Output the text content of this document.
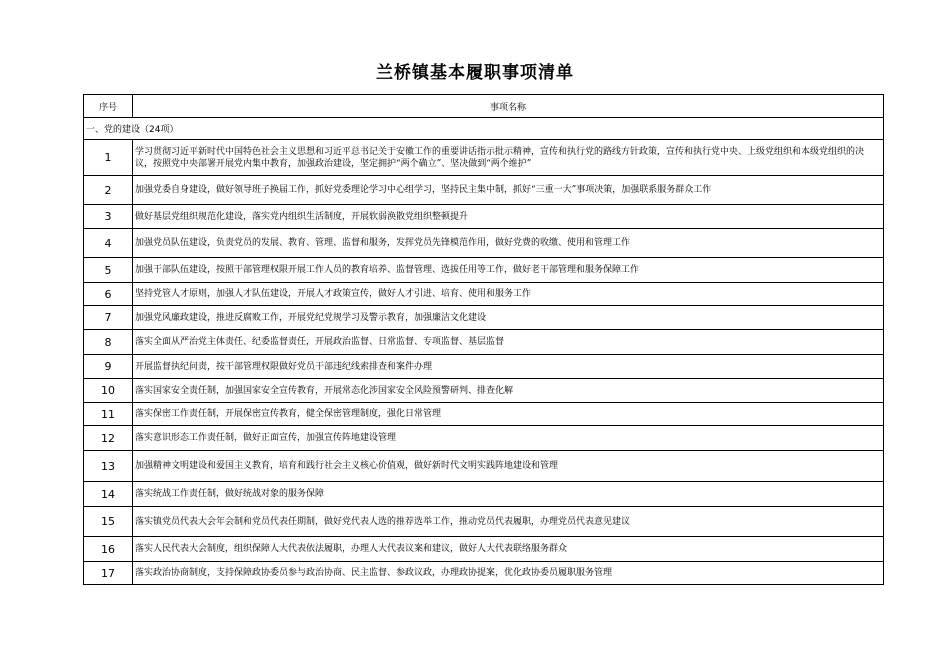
兰桥镇基本履职事项清单
序号	事项名称
一、党的建设（24项）	
1	学习贯彻习近平新时代中国特色社会主义思想和习近平总书记关于安徽工作的重要讲话指示批示精神，宣传和执行党的路线方针政策，宣传和执行党中央、上级党组织和本级党组织的决议，按照党中央部署开展党内集中教育，加强政治建设，坚定拥护“两个确立”、坚决做到“两个维护”
2	加强党委自身建设，做好领导班子换届工作，抓好党委理论学习中心组学习，坚持民主集中制，抓好“三重一大”事项决策，加强联系服务群众工作
3	做好基层党组织规范化建设，落实党内组织生活制度，开展软弱涣散党组织整顿提升
4	加强党员队伍建设，负责党员的发展、教育、管理、监督和服务，发挥党员先锋模范作用，做好党费的收缴、使用和管理工作
5	加强干部队伍建设，按照干部管理权限开展工作人员的教育培养、监督管理、选拔任用等工作，做好老干部管理和服务保障工作
6	坚持党管人才原则，加强人才队伍建设，开展人才政策宣传，做好人才引进、培育、使用和服务工作
7	加强党风廉政建设，推进反腐败工作，开展党纪党规学习及警示教育，加强廉洁文化建设
8	落实全面从严治党主体责任、纪委监督责任，开展政治监督、日常监督、专项监督、基层监督
9	开展监督执纪问责，按干部管理权限做好党员干部违纪线索排查和案件办理
10	落实国家安全责任制，加强国家安全宣传教育，开展常态化涉国家安全风险预警研判、排查化解
11	落实保密工作责任制，开展保密宣传教育，健全保密管理制度，强化日常管理
12	落实意识形态工作责任制，做好正面宣传，加强宣传阵地建设管理
13	加强精神文明建设和爱国主义教育，培育和践行社会主义核心价值观，做好新时代文明实践阵地建设和管理
14	落实统战工作责任制，做好统战对象的服务保障
15	落实镇党员代表大会年会制和党员代表任期制，做好党代表人选的推荐选举工作，推动党员代表履职，办理党员代表意见建议
16	落实人民代表大会制度，组织保障人大代表依法履职，办理人大代表议案和建议，做好人大代表联络服务群众
17	落实政治协商制度，支持保障政协委员参与政治协商、民主监督、参政议政，办理政协提案，优化政协委员履职服务管理
